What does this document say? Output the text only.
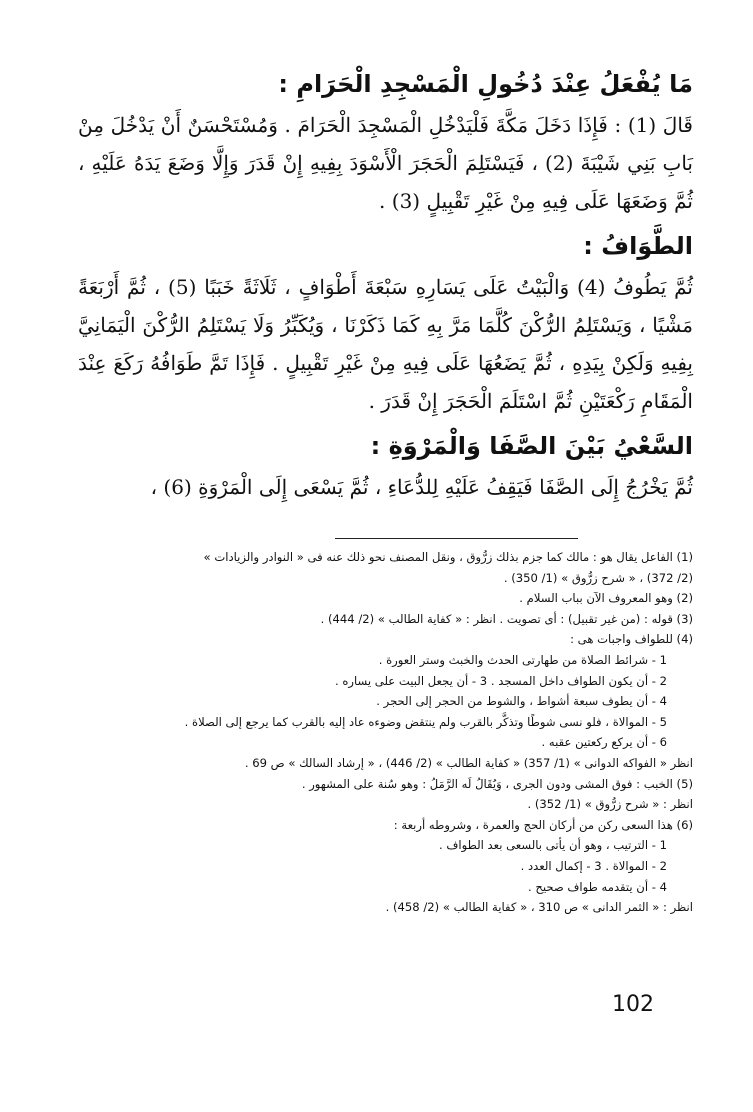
مَا يُفْعَلُ عِنْدَ دُخُولِ الْمَسْجِدِ الْحَرَامِ :

قَالَ (1) : فَإِذَا دَخَلَ مَكَّةَ فَلْيَدْخُلِ الْمَسْجِدَ الْحَرَامَ . وَمُسْتَحْسَنٌ أَنْ يَدْخُلَ مِنْ بَابِ بَنِي شَيْبَةَ (2) ، فَيَسْتَلِمَ الْحَجَرَ الْأَسْوَدَ بِفِيهِ إِنْ قَدَرَ وَإِلَّا وَضَعَ يَدَهُ عَلَيْهِ ، ثُمَّ وَضَعَهَا عَلَى فِيهِ مِنْ غَيْرِ تَقْبِيلٍ (3) .

الطَّوَافُ :

ثُمَّ يَطُوفُ (4) وَالْبَيْتُ عَلَى يَسَارِهِ سَبْعَةَ أَطْوَافٍ ، ثَلَاثَةً خَبَبًا (5) ، ثُمَّ أَرْبَعَةً مَشْيًا ، وَيَسْتَلِمُ الرُّكْنَ كُلَّمَا مَرَّ بِهِ كَمَا ذَكَرْنَا ، وَيُكَبِّرُ وَلَا يَسْتَلِمُ الرُّكْنَ الْيَمَانِيَّ بِفِيهِ وَلَكِنْ بِيَدِهِ ، ثُمَّ يَضَعُهَا عَلَى فِيهِ مِنْ غَيْرِ تَقْبِيلٍ . فَإِذَا تَمَّ طَوَافُهُ رَكَعَ عِنْدَ الْمَقَامِ رَكْعَتَيْنِ ثُمَّ اسْتَلَمَ الْحَجَرَ إِنْ قَدَرَ .

السَّعْيُ بَيْنَ الصَّفَا وَالْمَرْوَةِ :

ثُمَّ يَخْرُجُ إِلَى الصَّفَا فَيَقِفُ عَلَيْهِ لِلدُّعَاءِ ، ثُمَّ يَسْعَى إِلَى الْمَرْوَةِ (6) ،

(1) الفاعل يقال هو : مالك كما جزم بذلك زرُّوق ، ونقل المصنف نحو ذلك عنه فى « النوادر والزيادات »

(2/ 372) ، « شرح زرُّوق » (1/ 350) .

(2) وهو المعروف الآن بباب السلام .

(3) قوله : (من غير تقبيل) : أى تصويت . انظر : « كفاية الطالب » (2/ 444) .

(4) للطواف واجبات هى :

1 - شرائط الصلاة من طهارتى الحدث والخبث وستر العورة .

2 - أن يكون الطواف داخل المسجد . 3 - أن يجعل البيت على يساره .

4 - أن يطوف سبعة أشواط ، والشوط من الحجر إلى الحجر .

5 - الموالاة ، فلو نسى شوطًا وتذكَّر بالقرب ولم ينتقض وضوءه عاد إليه بالقرب كما يرجع إلى الصلاة .

6 - أن يركع ركعتين عقبه .

انظر « الفواكه الدوانى » (1/ 357) « كفاية الطالب » (2/ 446) ، « إرشاد السالك » ص 69 .

(5) الخبب : فوق المشى ودون الجرى ، وَيُقَالُ لَه الرَّمَلُ : وهو سُنة على المشهور .

انظر : « شرح زرُّوق » (1/ 352) .

(6) هذا السعى ركن من أركان الحج والعمرة ، وشروطه أربعة :

1 - الترتيب ، وهو أن يأتى بالسعى بعد الطواف .

2 - الموالاة . 3 - إكمال العدد .

4 - أن يتقدمه طواف صحيح .

انظر : « الثمر الدانى » ص 310 ، « كفاية الطالب » (2/ 458) .

102
